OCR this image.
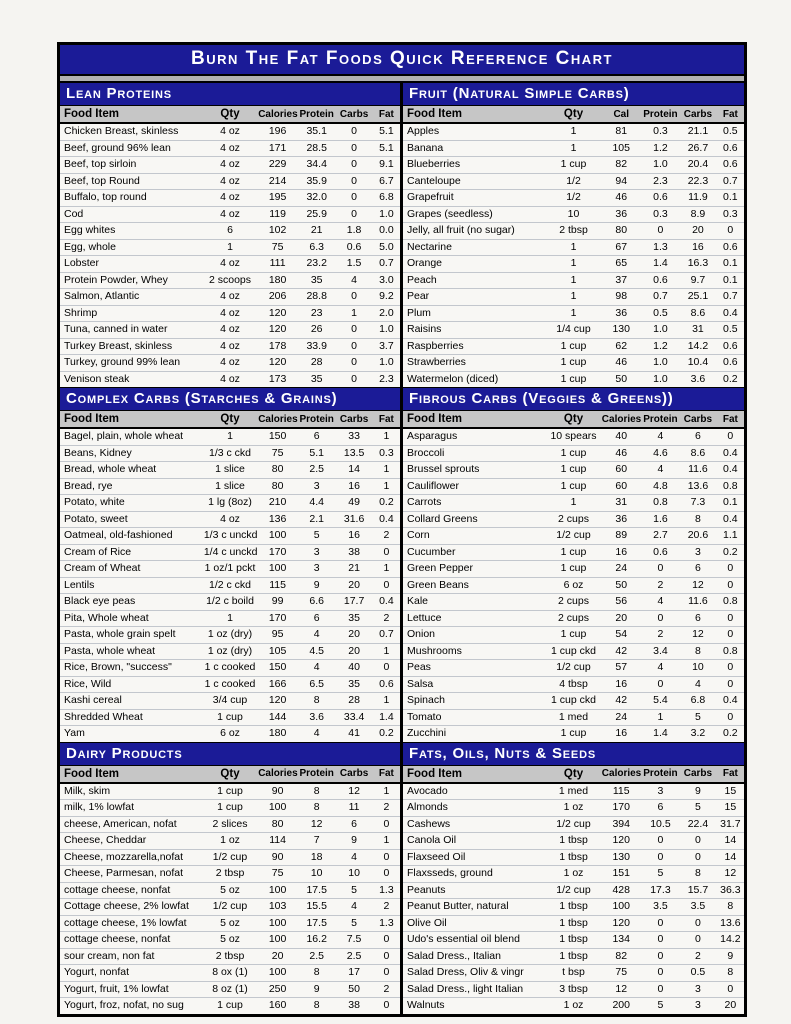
Burn The Fat Foods Quick Reference Chart
Lean Proteins
Food Item	Qty	Calories	Protein	Carbs	Fat
Chicken Breast, skinless	4 oz	196	35.1	0	5.1
Beef, ground 96% lean	4 oz	171	28.5	0	5.1
Beef, top sirloin	4 oz	229	34.4	0	9.1
Beef, top Round	4 oz	214	35.9	0	6.7
Buffalo, top round	4 oz	195	32.0	0	6.8
Cod	4 oz	119	25.9	0	1.0
Egg whites	6	102	21	1.8	0.0
Egg, whole	1	75	6.3	0.6	5.0
Lobster	4 oz	111	23.2	1.5	0.7
Protein Powder, Whey	2 scoops	180	35	4	3.0
Salmon, Atlantic	4 oz	206	28.8	0	9.2
Shrimp	4 oz	120	23	1	2.0
Tuna, canned in water	4 oz	120	26	0	1.0
Turkey Breast, skinless	4 oz	178	33.9	0	3.7
Turkey, ground 99% lean	4 oz	120	28	0	1.0
Venison steak	4 oz	173	35	0	2.3
Complex Carbs (Starches & Grains)
Food Item	Qty	Calories	Protein	Carbs	Fat
Bagel, plain, whole wheat	1	150	6	33	1
Beans, Kidney	1/3 c ckd	75	5.1	13.5	0.3
Bread, whole wheat	1 slice	80	2.5	14	1
Bread, rye	1 slice	80	3	16	1
Potato, white	1 lg (8oz)	210	4.4	49	0.2
Potato, sweet	4 oz	136	2.1	31.6	0.4
Oatmeal, old-fashioned	1/3 c unckd	100	5	16	2
Cream of Rice	1/4 c unckd	170	3	38	0
Cream of Wheat	1 oz/1 pckt	100	3	21	1
Lentils	1/2 c ckd	115	9	20	0
Black eye peas	1/2 c boild	99	6.6	17.7	0.4
Pita, Whole wheat	1	170	6	35	2
Pasta, whole grain spelt	1 oz (dry)	95	4	20	0.7
Pasta, whole wheat	1 oz (dry)	105	4.5	20	1
Rice, Brown, "success"	1 c cooked	150	4	40	0
Rice, Wild	1 c cooked	166	6.5	35	0.6
Kashi cereal	3/4 cup	120	8	28	1
Shredded Wheat	1 cup	144	3.6	33.4	1.4
Yam	6 oz	180	4	41	0.2
Dairy Products
Food Item	Qty	Calories	Protein	Carbs	Fat
Milk, skim	1 cup	90	8	12	1
milk, 1% lowfat	1 cup	100	8	11	2
cheese, American, nofat	2 slices	80	12	6	0
Cheese, Cheddar	1 oz	114	7	9	1
Cheese, mozzarella,nofat	1/2 cup	90	18	4	0
Cheese, Parmesan, nofat	2 tbsp	75	10	10	0
cottage cheese, nonfat	5 oz	100	17.5	5	1.3
Cottage cheese, 2% lowfat	1/2 cup	103	15.5	4	2
cottage cheese, 1% lowfat	5 oz	100	17.5	5	1.3
cottage cheese, nonfat	5 oz	100	16.2	7.5	0
sour cream, non fat	2 tbsp	20	2.5	2.5	0
Yogurt, nonfat	8 ox (1)	100	8	17	0
Yogurt, fruit, 1% lowfat	8 oz (1)	250	9	50	2
Yogurt, froz, nofat, no sug	1 cup	160	8	38	0
Fruit (Natural Simple Carbs)
Food Item	Qty	Cal	Protein	Carbs	Fat
Apples	1	81	0.3	21.1	0.5
Banana	1	105	1.2	26.7	0.6
Blueberries	1 cup	82	1.0	20.4	0.6
Canteloupe	1/2	94	2.3	22.3	0.7
Grapefruit	1/2	46	0.6	11.9	0.1
Grapes (seedless)	10	36	0.3	8.9	0.3
Jelly, all fruit (no sugar)	2 tbsp	80	0	20	0
Nectarine	1	67	1.3	16	0.6
Orange	1	65	1.4	16.3	0.1
Peach	1	37	0.6	9.7	0.1
Pear	1	98	0.7	25.1	0.7
Plum	1	36	0.5	8.6	0.4
Raisins	1/4 cup	130	1.0	31	0.5
Raspberries	1 cup	62	1.2	14.2	0.6
Strawberries	1 cup	46	1.0	10.4	0.6
Watermelon (diced)	1 cup	50	1.0	3.6	0.2
Fibrous Carbs (Veggies & Greens))
Food Item	Qty	Calories	Protein	Carbs	Fat
Asparagus	10 spears	40	4	6	0
Broccoli	1 cup	46	4.6	8.6	0.4
Brussel sprouts	1 cup	60	4	11.6	0.4
Cauliflower	1 cup	60	4.8	13.6	0.8
Carrots	1	31	0.8	7.3	0.1
Collard Greens	2 cups	36	1.6	8	0.4
Corn	1/2 cup	89	2.7	20.6	1.1
Cucumber	1 cup	16	0.6	3	0.2
Green Pepper	1 cup	24	0	6	0
Green Beans	6 oz	50	2	12	0
Kale	2 cups	56	4	11.6	0.8
Lettuce	2 cups	20	0	6	0
Onion	1 cup	54	2	12	0
Mushrooms	1 cup ckd	42	3.4	8	0.8
Peas	1/2 cup	57	4	10	0
Salsa	4 tbsp	16	0	4	0
Spinach	1 cup ckd	42	5.4	6.8	0.4
Tomato	1 med	24	1	5	0
Zucchini	1 cup	16	1.4	3.2	0.2
Fats, Oils, Nuts & Seeds
Food Item	Qty	Calories	Protein	Carbs	Fat
Avocado	1 med	115	3	9	15
Almonds	1 oz	170	6	5	15
Cashews	1/2 cup	394	10.5	22.4	31.7
Canola Oil	1 tbsp	120	0	0	14
Flaxseed Oil	1 tbsp	130	0	0	14
Flaxsseds, ground	1 oz	151	5	8	12
Peanuts	1/2 cup	428	17.3	15.7	36.3
Peanut Butter, natural	1 tbsp	100	3.5	3.5	8
Olive Oil	1 tbsp	120	0	0	13.6
Udo's essential oil blend	1 tbsp	134	0	0	14.2
Salad Dress., Italian	1 tbsp	82	0	2	9
Salad Dress, Oliv & vingr	t bsp	75	0	0.5	8
Salad Dress., light Italian	3 tbsp	12	0	3	0
Walnuts	1 oz	200	5	3	20
